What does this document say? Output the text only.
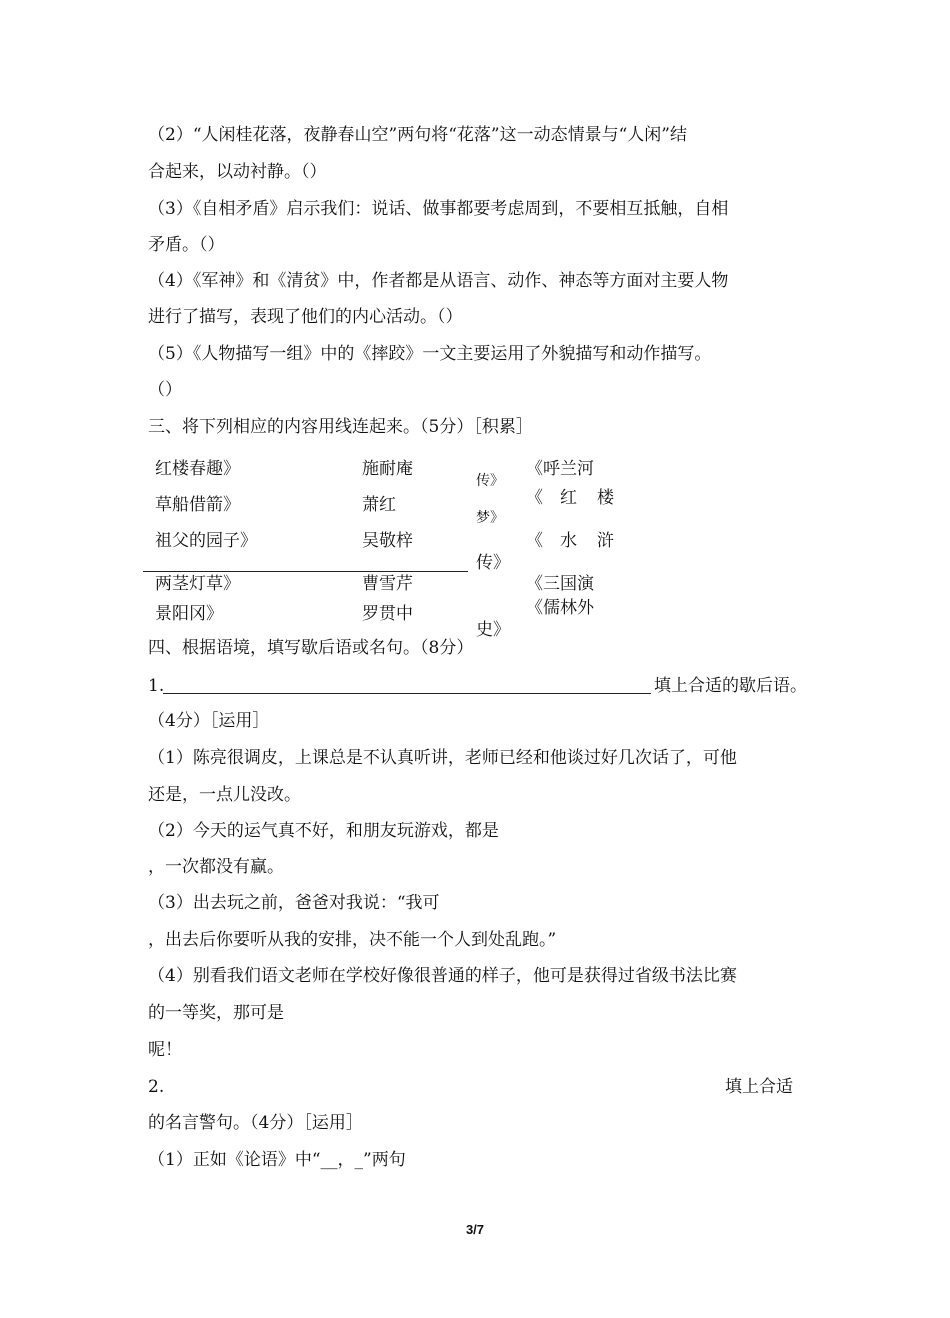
（2）“人闲桂花落，夜静春山空”两句将“花落”这一动态情景与“人闲”结
合起来，以动衬静。（）
（3）《自相矛盾》启示我们：说话、做事都要考虑周到，不要相互抵触，自相
矛盾。（）
（4）《军神》和《清贫》中，作者都是从语言、动作、神态等方面对主要人物
进行了描写，表现了他们的内心活动。（）
（5）《人物描写一组》中的《摔跤》一文主要运用了外貌描写和动作描写。
（）
三、将下列相应的内容用线连起来。（5分）［积累］
红楼春趣》
草船借箭》
祖父的园子》
两茎灯草》
景阳冈》
施耐庵
萧红
吴敬梓
曹雪芹
罗贯中
传》
梦》
传》
史》
《呼兰河
《 红 楼
《 水 浒
《三国演
《儒林外
四、根据语境，填写歇后语或名句。（8分）
1.	填上合适的歇后语。
（4分）［运用］
（1）陈亮很调皮，上课总是不认真听讲，老师已经和他谈过好几次话了，可他
还是，一点儿没改。
（2）今天的运气真不好，和朋友玩游戏，都是
，一次都没有赢。
（3）出去玩之前，爸爸对我说：“我可
，出去后你要听从我的安排，决不能一个人到处乱跑。”
（4）别看我们语文老师在学校好像很普通的样子，他可是获得过省级书法比赛
的一等奖，那可是
呢！
2.	填上合适
的名言警句。（4分）［运用］
（1）正如《论语》中“__，_”两句
3/7
